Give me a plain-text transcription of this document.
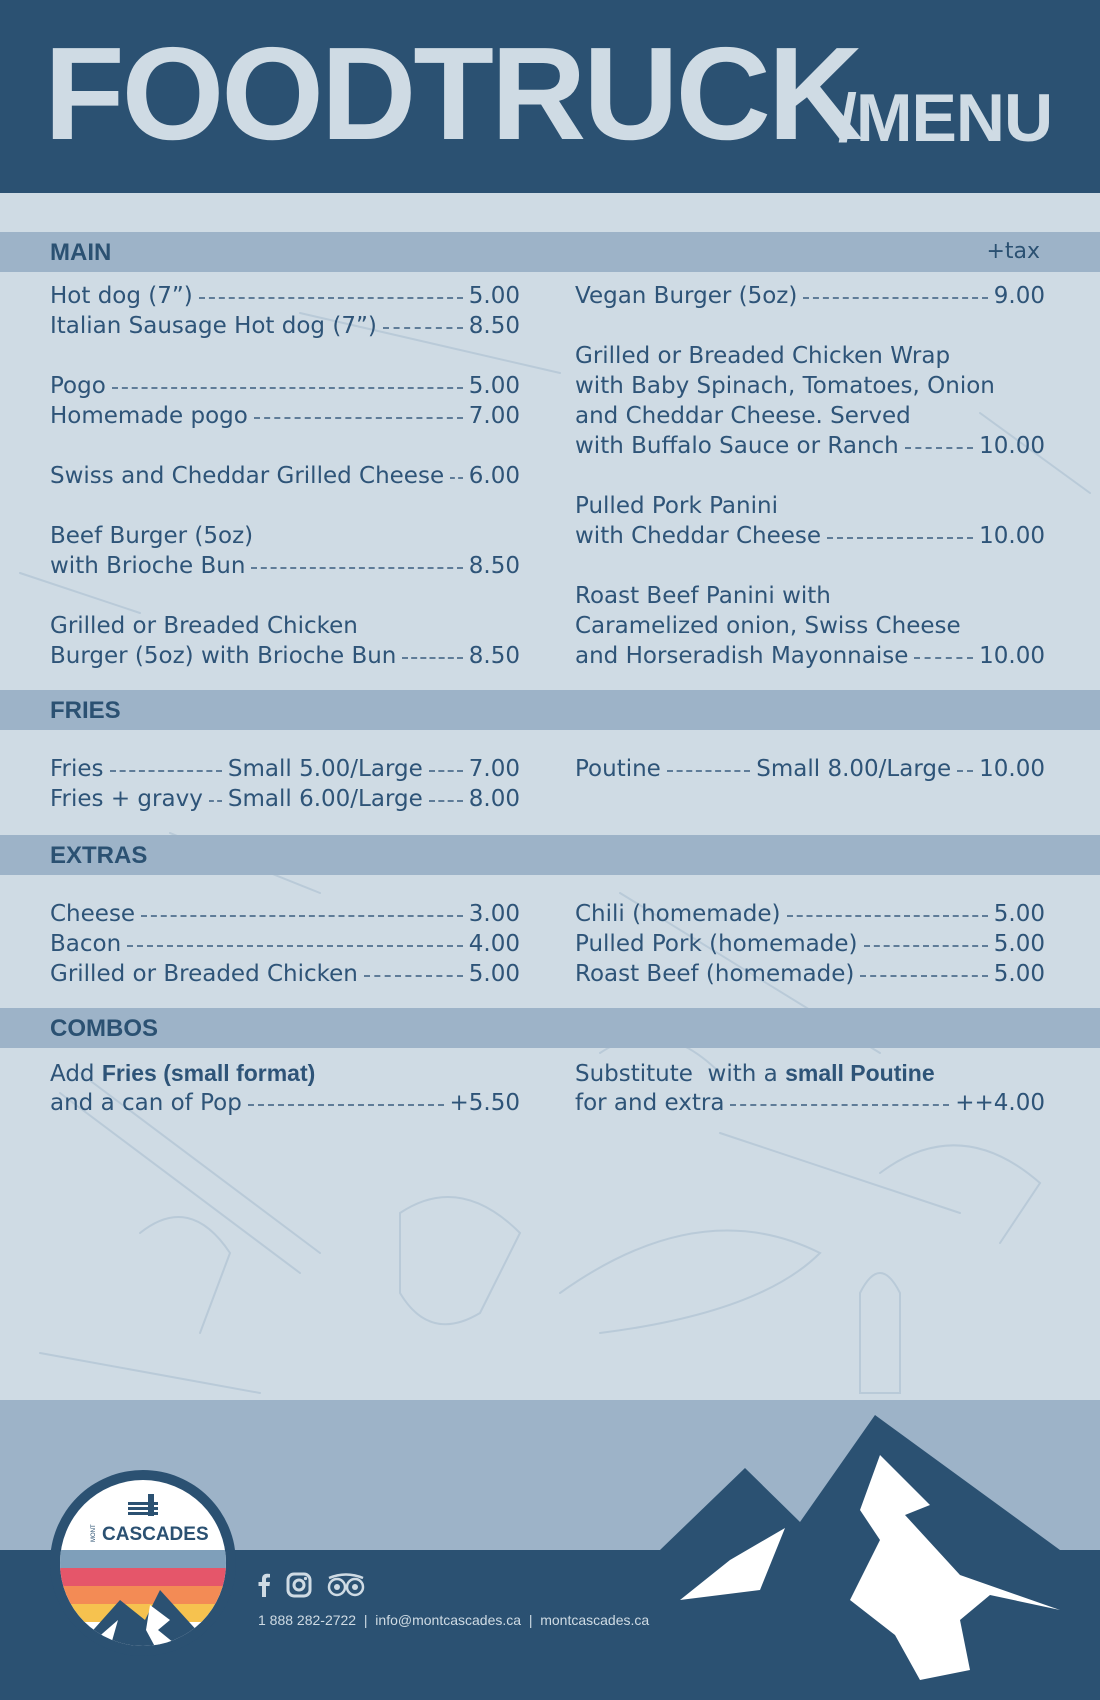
FOODTRUCK
/MENU
MAIN	+tax
Hot dog (7”)	5.00
Italian Sausage Hot dog (7”)	8.50
Pogo	5.00
Homemade pogo	7.00
Swiss and Cheddar Grilled Cheese 6.00
Beef Burger (5oz)
with Brioche Bun	8.50
Grilled or Breaded Chicken
Burger (5oz) with Brioche Bun	8.50
Vegan Burger (5oz)	9.00
Grilled or Breaded Chicken Wrap
with Baby Spinach, Tomatoes, Onion
and Cheddar Cheese. Served
with Buffalo Sauce or Ranch	10.00
Pulled Pork Panini
with Cheddar Cheese	10.00
Roast Beef Panini with
Caramelized onion, Swiss Cheese
and Horseradish Mayonnaise	10.00
FRIES
Fries	Small 5.00/Large 7.00
Fries + gravy Small 6.00/Large 8.00
Poutine	Small 8.00/Large 10.00
EXTRAS
Cheese	3.00
Bacon	4.00
Grilled or Breaded Chicken	5.00
Chili (homemade)	5.00
Pulled Pork (homemade)	5.00
Roast Beef (homemade)	5.00
COMBOS
Add Fries (small format)
and a can of Pop	+5.50
Substitute  with a small Poutine
for and extra	++4.00
MONT CASCADES
1 888 282-2722 | info@montcascades.ca | montcascades.ca
